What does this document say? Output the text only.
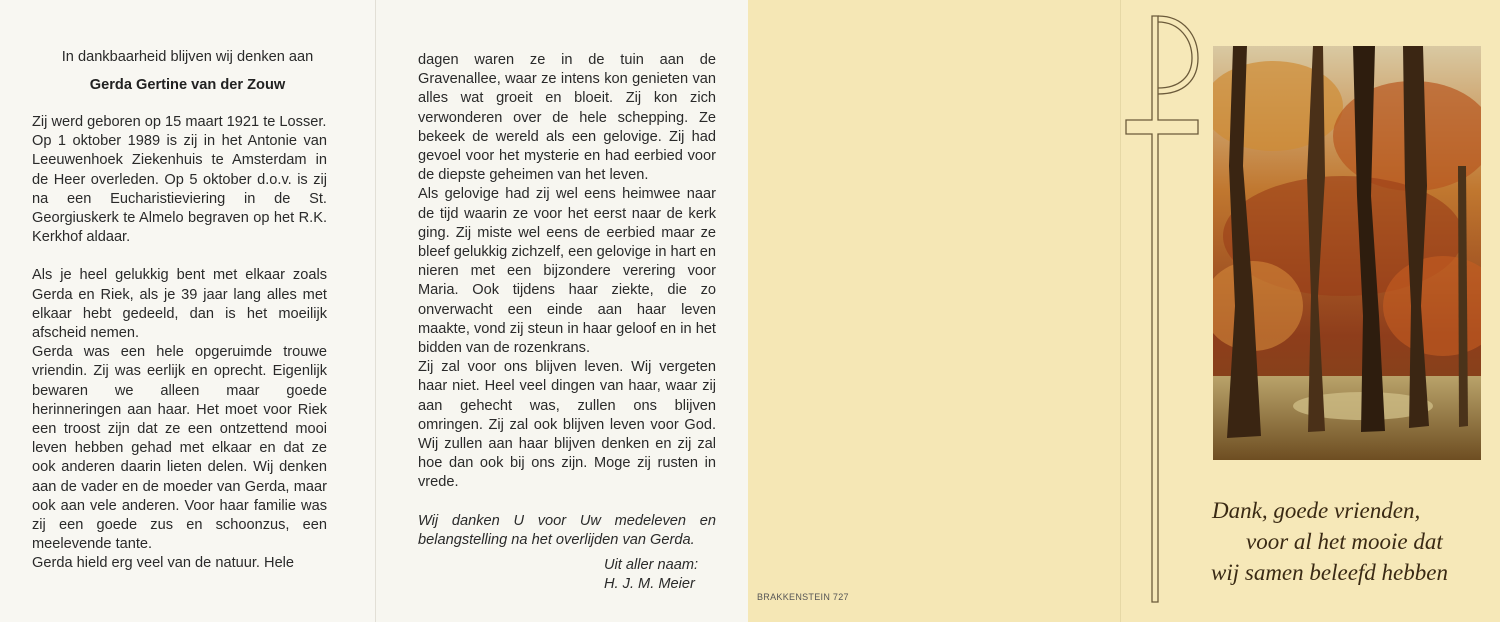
In dankbaarheid blijven wij denken aan
Gerda Gertine van der Zouw

Zij werd geboren op 15 maart 1921 te Losser.

Op 1 oktober 1989 is zij in het Antonie van Leeuwenhoek Ziekenhuis te Amsterdam in de Heer overleden. Op 5 oktober d.o.v. is zij na een Eucharistieviering in de St. Georgiuskerk te Almelo begraven op het R.K. Kerkhof aldaar.

Als je heel gelukkig bent met elkaar zoals Gerda en Riek, als je 39 jaar lang alles met elkaar hebt gedeeld, dan is het moeilijk afscheid nemen.

Gerda was een hele opgeruimde trouwe vriendin. Zij was eerlijk en oprecht. Eigenlijk bewaren we alleen maar goede herinneringen aan haar. Het moet voor Riek een troost zijn dat ze een ontzettend mooi leven hebben gehad met elkaar en dat ze ook anderen daarin lieten delen. Wij denken aan de vader en de moeder van Gerda, maar ook aan vele anderen. Voor haar familie was zij een goede zus en schoonzus, een meelevende tante.

Gerda hield erg veel van de natuur. Hele

dagen waren ze in de tuin aan de Gravenallee, waar ze intens kon genieten van alles wat groeit en bloeit. Zij kon zich verwonderen over de hele schepping. Ze bekeek de wereld als een gelovige. Zij had gevoel voor het mysterie en had eerbied voor de diepste geheimen van het leven.

Als gelovige had zij wel eens heimwee naar de tijd waarin ze voor het eerst naar de kerk ging. Zij miste wel eens de eerbied maar ze bleef gelukkig zichzelf, een gelovige in hart en nieren met een bijzondere verering voor Maria. Ook tijdens haar ziekte, die zo onverwacht een einde aan haar leven maakte, vond zij steun in haar geloof en in het bidden van de rozenkrans.

Zij zal voor ons blijven leven. Wij vergeten haar niet. Heel veel dingen van haar, waar zij aan gehecht was, zullen ons blijven omringen. Zij zal ook blijven leven voor God. Wij zullen aan haar blijven denken en zij zal hoe dan ook bij ons zijn. Moge zij rusten in vrede.

Wij danken U voor Uw medeleven en belangstelling na het overlijden van Gerda.

Uit aller naam:
H. J. M. Meier
BRAKKENSTEIN 727
Dank, goede vrienden,
voor al het mooie dat
wij samen beleefd hebben
